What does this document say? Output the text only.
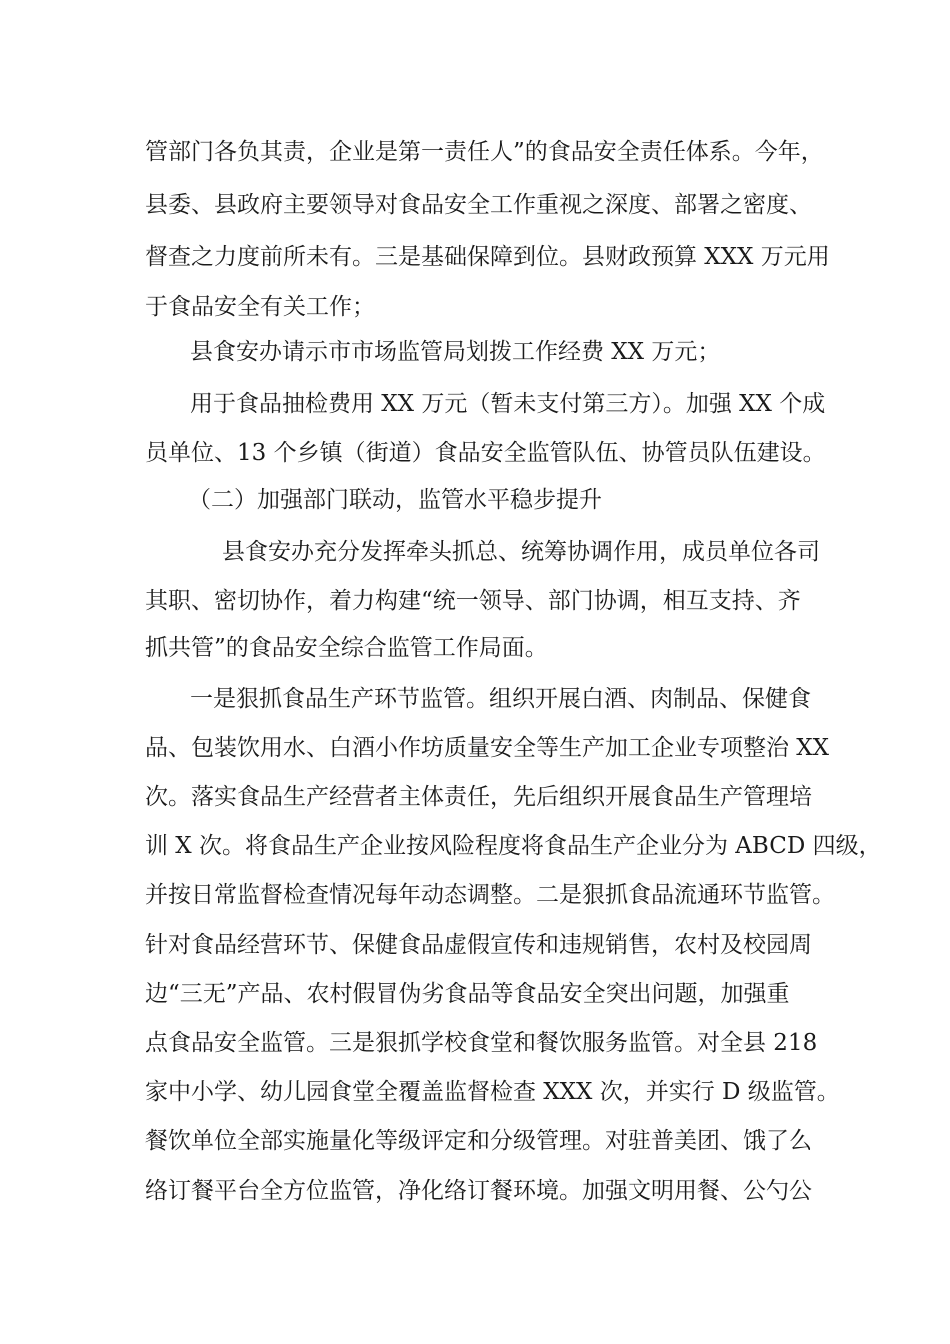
管部门各负其责，企业是第一责任人”的食品安全责任体系。今年，
县委、县政府主要领导对食品安全工作重视之深度、部署之密度、
督查之力度前所未有。三是基础保障到位。县财政预算 XXX 万元用
于食品安全有关工作；
县食安办请示市市场监管局划拨工作经费 XX 万元；
用于食品抽检费用 XX 万元（暂未支付第三方）。加强 XX 个成
员单位、13 个乡镇（街道）食品安全监管队伍、协管员队伍建设。
（二）加强部门联动，监管水平稳步提升
县食安办充分发挥牵头抓总、统筹协调作用，成员单位各司
其职、密切协作，着力构建“统一领导、部门协调，相互支持、齐
抓共管”的食品安全综合监管工作局面。
一是狠抓食品生产环节监管。组织开展白酒、肉制品、保健食
品、包装饮用水、白酒小作坊质量安全等生产加工企业专项整治 XX
次。落实食品生产经营者主体责任，先后组织开展食品生产管理培
训 X 次。将食品生产企业按风险程度将食品生产企业分为 ABCD 四级，
并按日常监督检查情况每年动态调整。二是狠抓食品流通环节监管。
针对食品经营环节、保健食品虚假宣传和违规销售，农村及校园周
边“三无”产品、农村假冒伪劣食品等食品安全突出问题，加强重
点食品安全监管。三是狠抓学校食堂和餐饮服务监管。对全县 218
家中小学、幼儿园食堂全覆盖监督检查 XXX 次，并实行 D 级监管。
餐饮单位全部实施量化等级评定和分级管理。对驻普美团、饿了么
络订餐平台全方位监管，净化络订餐环境。加强文明用餐、公勺公
